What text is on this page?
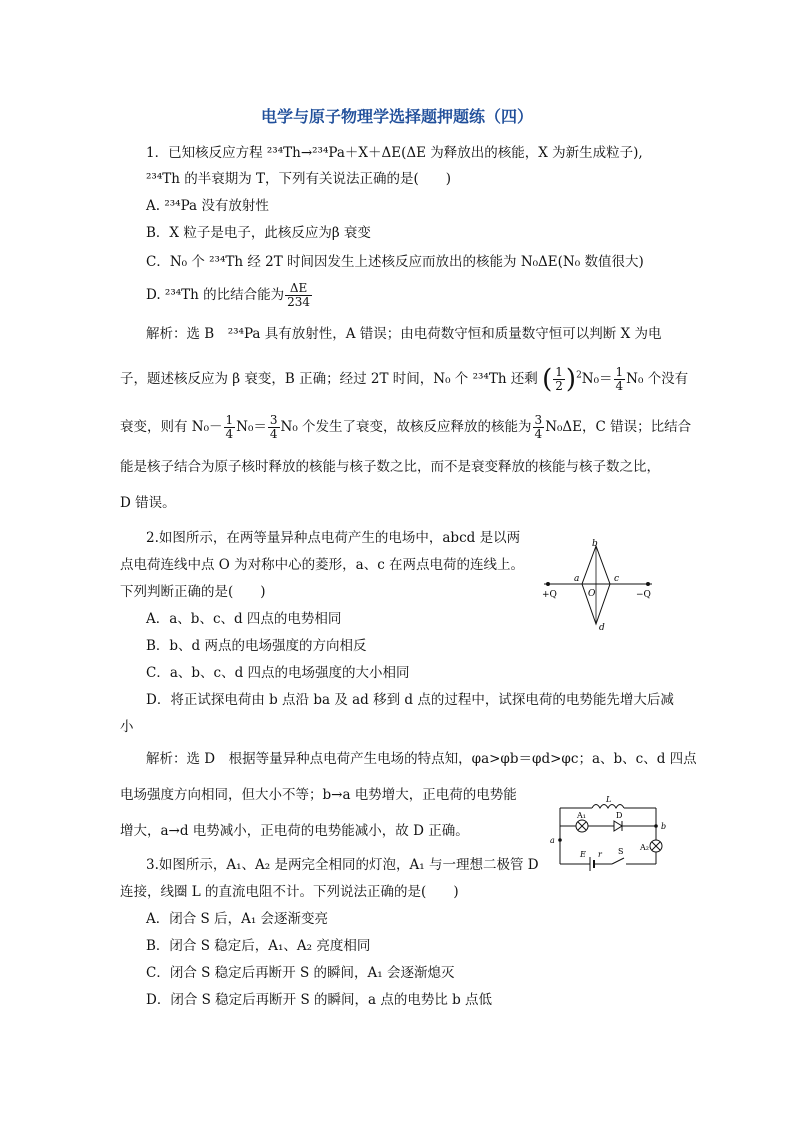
电学与原子物理学选择题押题练（四）
1．已知核反应方程 ²³⁴Th→²³⁴Pa＋X＋ΔE(ΔE 为释放出的核能，X 为新生成粒子),
²³⁴Th 的半衰期为 T，下列有关说法正确的是(　　)
A. ²³⁴Pa 没有放射性
B．X 粒子是电子，此核反应为β 衰变
C．N₀ 个 ²³⁴Th 经 2T 时间因发生上述核反应而放出的核能为 N₀ΔE(N₀ 数值很大)
D. ²³⁴Th 的比结合能为 $\frac{\Delta E}{234}$
解析：选 B　²³⁴Pa 具有放射性，A 错误；由电荷数守恒和质量数守恒可以判断 X 为电
子，题述核反应为 β 衰变，B 正确；经过 2T 时间，N₀ 个 ²³⁴Th 还剩 ( $\frac{1}{2} )^2N_0= \frac{1}{4} N_0$ 个没有
衰变，则有 $N_0- \frac{1}{4} N_0= \frac{3}{4} N_0$ 个发生了衰变，故核反应释放的核能为 $\frac{3}{4} N_0\Delta E$，C 错误；比结合
能是核子结合为原子核时释放的核能与核子数之比，而不是衰变释放的核能与核子数之比，
D 错误。
2.如图所示，在两等量异种点电荷产生的电场中，abcd 是以两
点电荷连线中点 O 为对称中心的菱形，a、c 在两点电荷的连线上。
下列判断正确的是(　　)
A．a、b、c、d 四点的电势相同
B．b、d 两点的电场强度的方向相反
C．a、b、c、d 四点的电场强度的大小相同
D．将正试探电荷由 b 点沿 ba 及 ad 移到 d 点的过程中，试探电荷的电势能先增大后减
小
解析：选 D　根据等量异种点电荷产生电场的特点知，φa>φb＝φd>φc；a、b、c、d 四点
电场强度方向相同，但大小不等；b→a 电势增大，正电荷的电势能
增大，a→d 电势减小，正电荷的电势能减小，故 D 正确。
b
a
O
c
d
+Q	−Q
L
A₁	D
a
b
A₂
E r S
3.如图所示，A₁、A₂ 是两完全相同的灯泡，A₁ 与一理想二极管 D
连接，线圈 L 的直流电阻不计。下列说法正确的是(　　)
A．闭合 S 后，A₁ 会逐渐变亮
B．闭合 S 稳定后，A₁、A₂ 亮度相同
C．闭合 S 稳定后再断开 S 的瞬间，A₁ 会逐渐熄灭
D．闭合 S 稳定后再断开 S 的瞬间，a 点的电势比 b 点低
